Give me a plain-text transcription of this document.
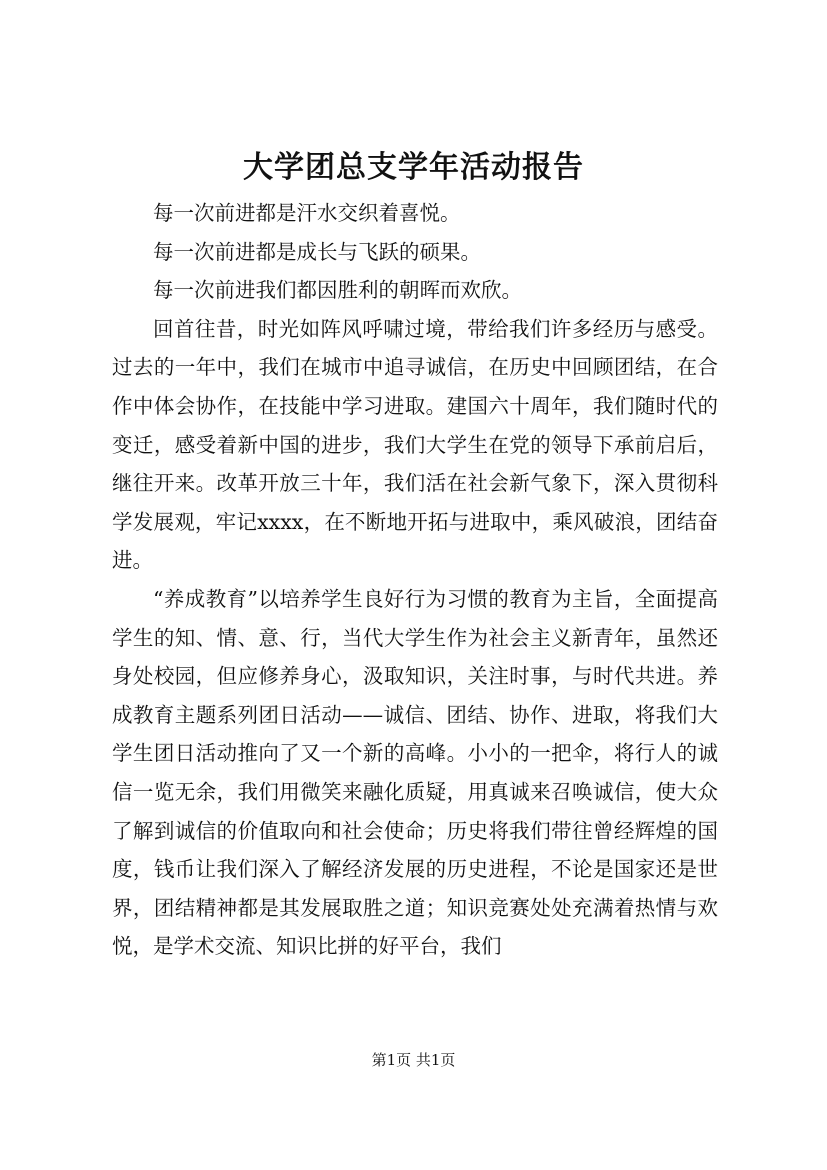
大学团总支学年活动报告

每一次前进都是汗水交织着喜悦。

每一次前进都是成长与飞跃的硕果。

每一次前进我们都因胜利的朝晖而欢欣。

回首往昔，时光如阵风呼啸过境，带给我们许多经历与感受。过去的一年中，我们在城市中追寻诚信，在历史中回顾团结，在合作中体会协作，在技能中学习进取。建国六十周年，我们随时代的变迁，感受着新中国的进步，我们大学生在党的领导下承前启后，继往开来。改革开放三十年，我们活在社会新气象下，深入贯彻科学发展观，牢记xxxx，在不断地开拓与进取中，乘风破浪，团结奋进。

“养成教育”以培养学生良好行为习惯的教育为主旨，全面提高学生的知、情、意、行，当代大学生作为社会主义新青年，虽然还身处校园，但应修养身心，汲取知识，关注时事，与时代共进。养成教育主题系列团日活动——诚信、团结、协作、进取，将我们大学生团日活动推向了又一个新的高峰。小小的一把伞，将行人的诚信一览无余，我们用微笑来融化质疑，用真诚来召唤诚信，使大众了解到诚信的价值取向和社会使命；历史将我们带往曾经辉煌的国度，钱币让我们深入了解经济发展的历史进程，不论是国家还是世界，团结精神都是其发展取胜之道；知识竞赛处处充满着热情与欢悦，是学术交流、知识比拼的好平台，我们

第1页 共1页
